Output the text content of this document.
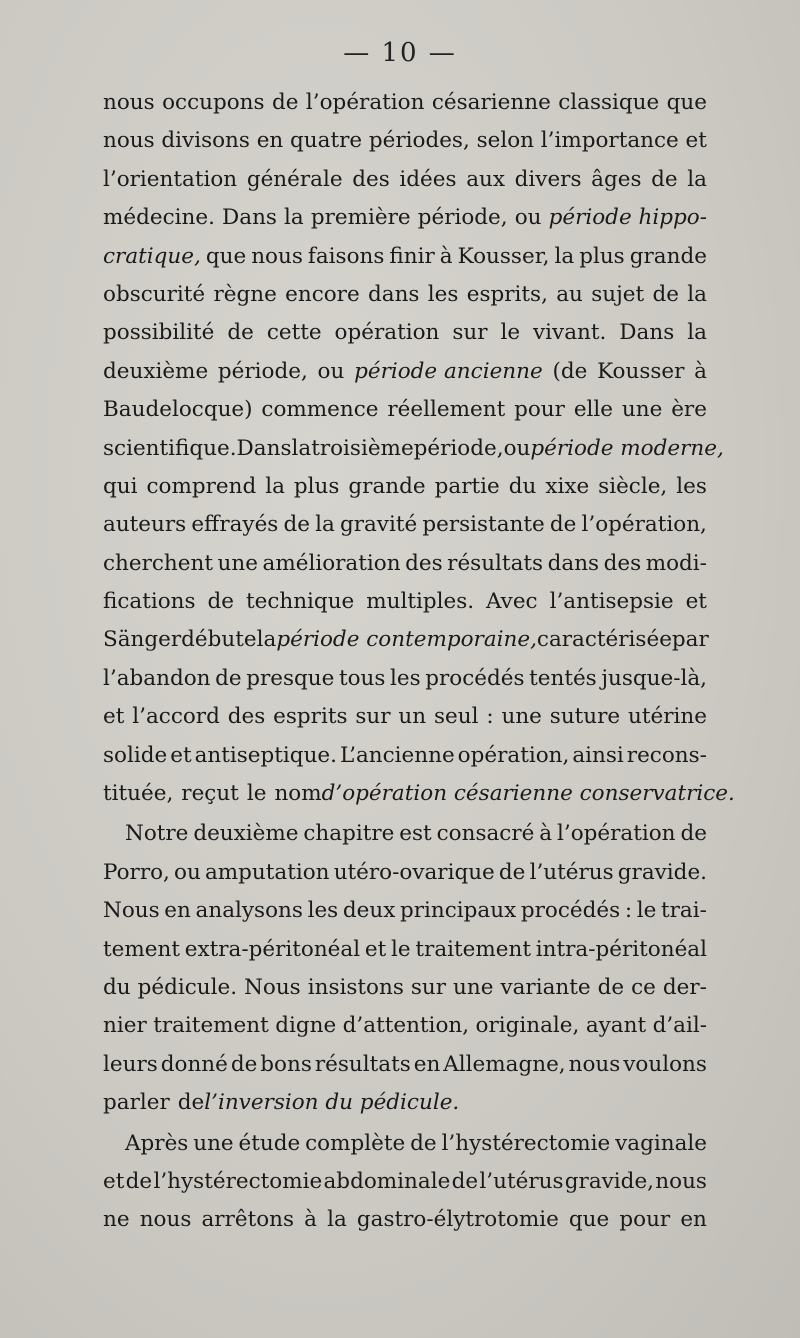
— 10 —
nous occupons de l’opération césarienne classique que
nous divisons en quatre périodes, selon l’importance et
l’orientation générale des idées aux divers âges de la
médecine. Dans la première période, ou période hippo-
cratique, que nous faisons finir à Kousser, la plus grande
obscurité règne encore dans les esprits, au sujet de la
possibilité de cette opération sur le vivant. Dans la
deuxième période, ou période ancienne (de Kousser à
Baudelocque) commence réellement pour elle une ère
scientifique. Dans la troisième période, ou période moderne,
qui comprend la plus grande partie du xixe siècle, les
auteurs effrayés de la gravité persistante de l’opération,
cherchent une amélioration des résultats dans des modi-
fications de technique multiples. Avec l’antisepsie et
Sänger débute la période contemporaine, caractérisée par
l’abandon de presque tous les procédés tentés jusque-là,
et l’accord des esprits sur un seul : une suture utérine
solide et antiseptique. L’ancienne opération, ainsi recons-
tituée, reçut le nom d’opération césarienne conservatrice.
Notre deuxième chapitre est consacré à l’opération de
Porro, ou amputation utéro-ovarique de l’utérus gravide.
Nous en analysons les deux principaux procédés : le trai-
tement extra-péritonéal et le traitement intra-péritonéal
du pédicule. Nous insistons sur une variante de ce der-
nier traitement digne d’attention, originale, ayant d’ail-
leurs donné de bons résultats en Allemagne, nous voulons
parler de l’inversion du pédicule.
Après une étude complète de l’hystérectomie vaginale
et de l’hystérectomie abdominale de l’utérus gravide, nous
ne nous arrêtons à la gastro-élytrotomie que pour en
